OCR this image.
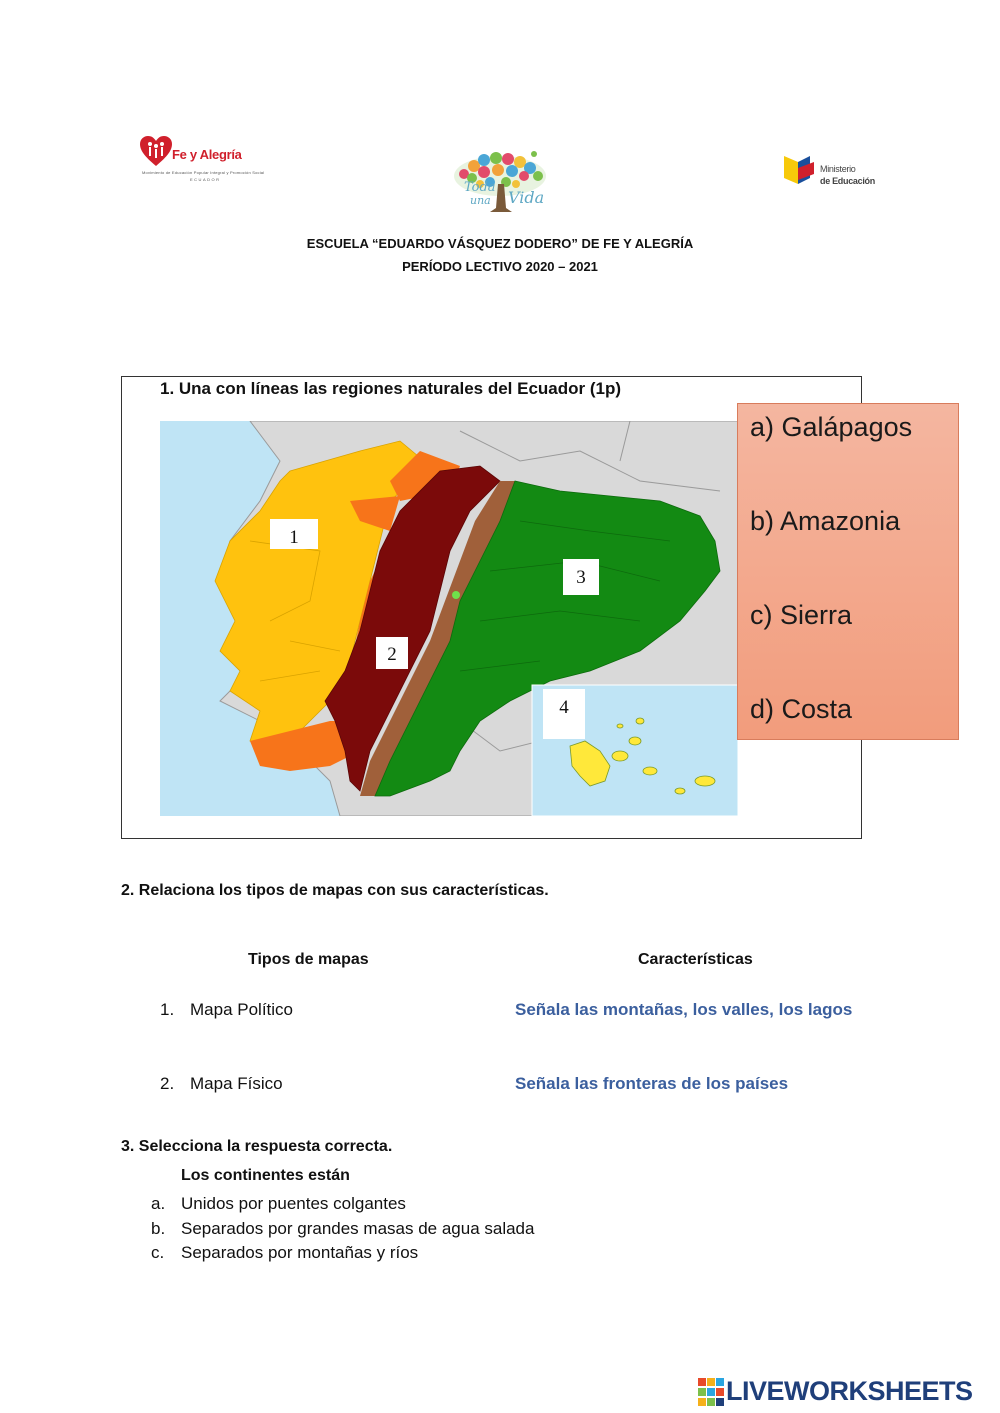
Fe y Alegría
Movimiento de Educación Popular Integral y Promoción Social
ECUADOR
Toda
una Vida
Ministerio
de Educación
ESCUELA “EDUARDO VÁSQUEZ DODERO” DE FE Y ALEGRÍA
PERÍODO LECTIVO 2020 – 2021
1. Una con líneas las regiones naturales del Ecuador (1p)
1
2
3
4
a) Galápagos
b) Amazonia
c) Sierra
d) Costa
2. Relaciona los tipos de mapas con sus características.
Tipos de mapas	Características
1. Mapa Político	Señala las montañas, los valles, los lagos
2. Mapa Físico	Señala las fronteras de los países
3. Selecciona la respuesta correcta.
Los continentes están
a. Unidos por puentes colgantes
b. Separados por grandes masas de agua salada
c. Separados por montañas y ríos
LIVEWORKSHEETS
